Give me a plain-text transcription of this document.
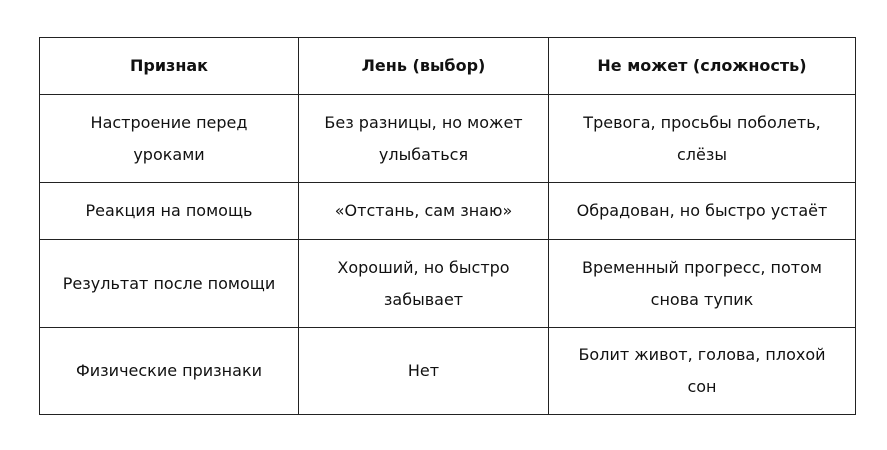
Признак	Лень (выбор)	Не может (сложность)
Настроение перед уроками	Без разницы, но может улыбаться	Тревога, просьбы поболеть, слёзы
Реакция на помощь	«Отстань, сам знаю»	Обрадован, но быстро устаёт
Результат после помощи	Хороший, но быстро забывает	Временный прогресс, потом снова тупик
Физические признаки	Нет	Болит живот, голова, плохой сон
